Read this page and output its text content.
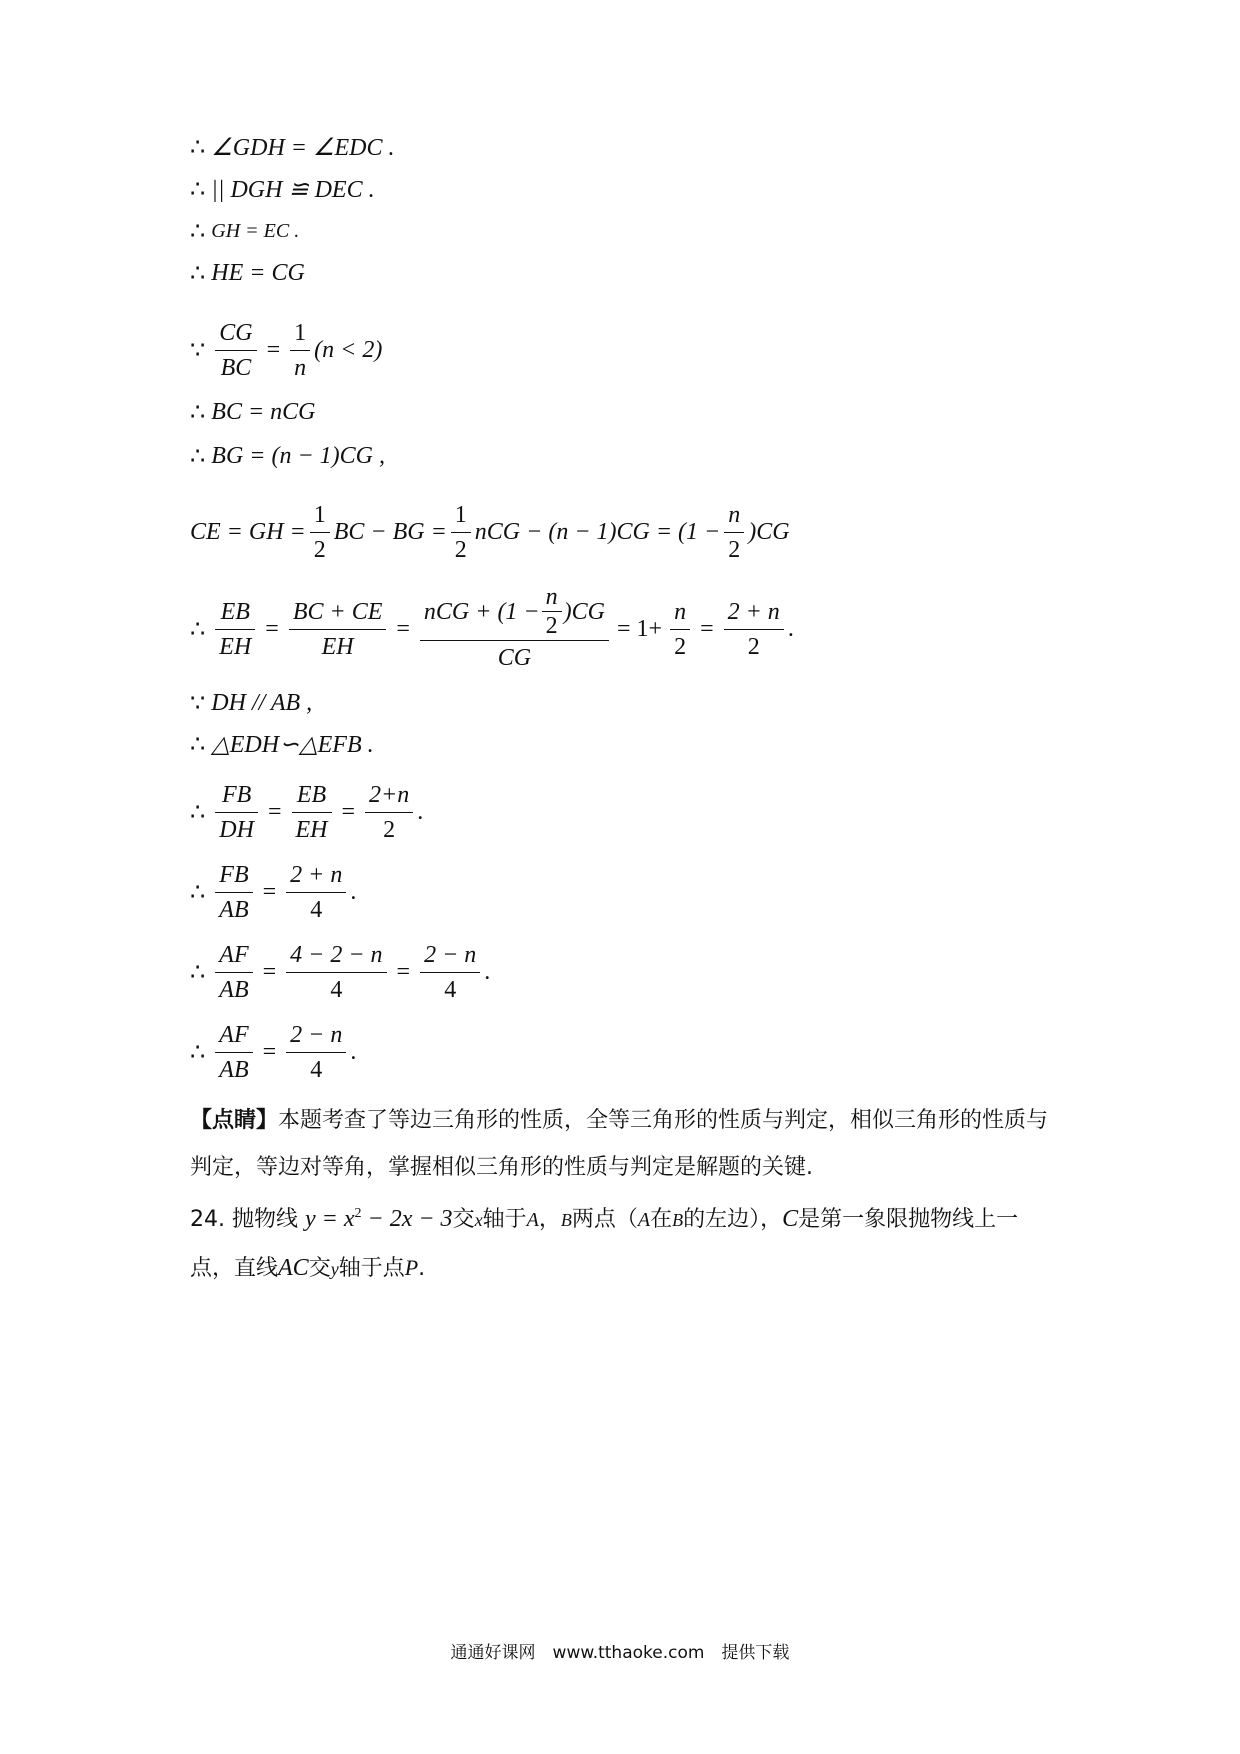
∴ ∠GDH = ∠EDC .
∴ || DGH ≌ DEC .
∴ GH = EC .
∴ HE = CG
∵ $\frac{CG}{BC} = \frac{1}{n} (n < 2)$
∴ BC = nCG
∴ BG = (n − 1)CG ,
CE = GH = $\frac{1}{2}$ BC − BG = $\frac{1}{2}$ nCG − $(n - 1)CG = (1 - \frac{n}{2} )CG$
∴ $\frac{EB}{EH} = \frac{BC + CE}{EH} = \frac{nCG + (1 - \frac{n}{2} )CG}{CG} = 1+ \frac{n}{2} = \frac{2 + n}{2}$ .
∵ DH // AB ,
∴ △EDH∽△EFB .
∴ $\frac{FB}{DH} = \frac{EB}{EH} = \frac{2+n}{2}$ .
∴ $\frac{FB}{AB} = \frac{2 + n}{4}$ .
∴ $\frac{AF}{AB} = \frac{4 - 2 - n}{4} = \frac{2 - n}{4}$ .
∴ $\frac{AF}{AB} = \frac{2 - n}{4}$ .
【点睛】本题考查了等边三角形的性质，全等三角形的性质与判定，相似三角形的性质与判定，等边对等角，掌握相似三角形的性质与判定是解题的关键.
24. 抛物线 $y = x^2 - 2x - 3$交x轴于A，B两点（A在B的左边），C是第一象限抛物线上一
点，直线AC交y轴于点P.
通通好课网　www.tthaoke.com　提供下载
